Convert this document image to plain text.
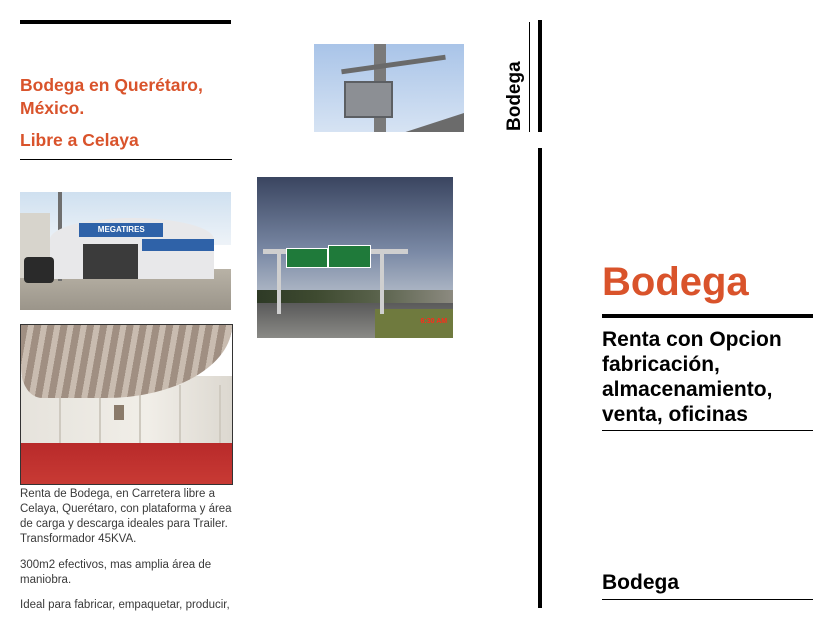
Bodega en Querétaro,
México.
Libre a Celaya
MEGATIRES
Renta de Bodega, en Carretera libre a Celaya, Querétaro, con plataforma y área de carga y descarga ideales para Trailer. Transformador 45KVA.
300m2 efectivos, mas amplia área de maniobra.
Ideal para fabricar, empaquetar, producir,
6:30 AM
Bodega
Bodega
Renta con Opcion
fabricación,
almacenamiento,
venta, oficinas
Bodega
